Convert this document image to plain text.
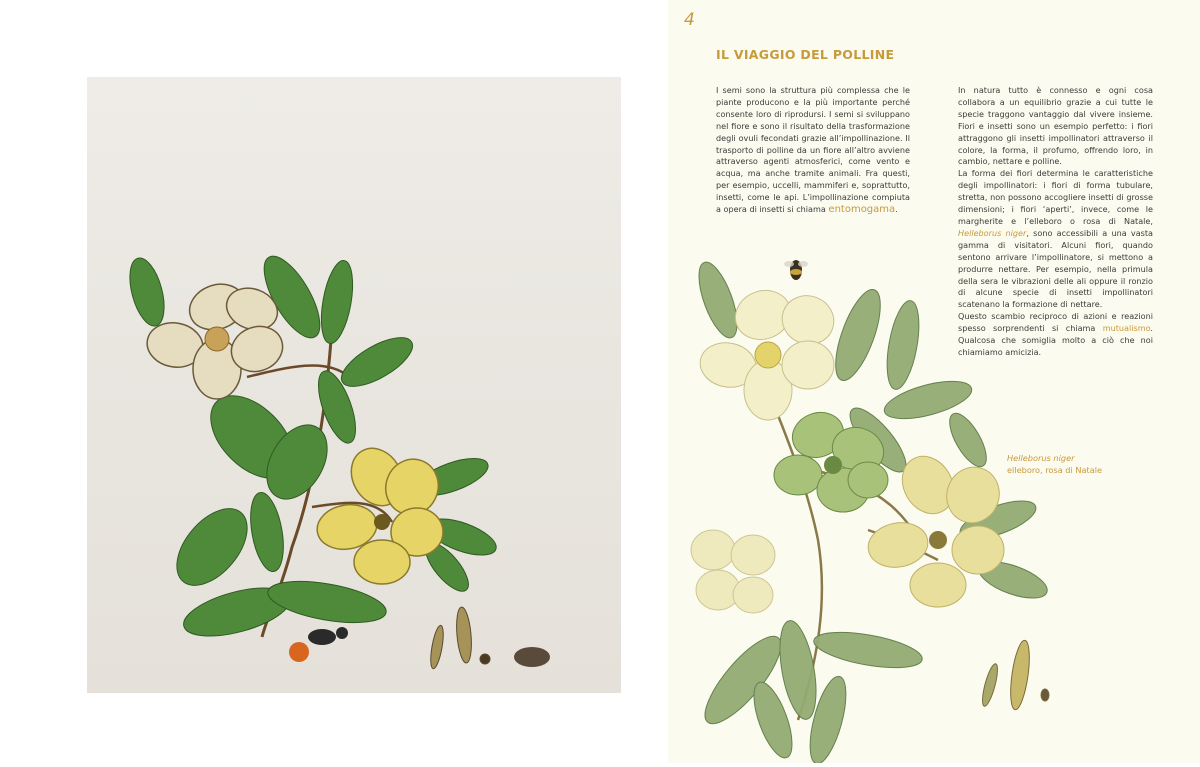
4
IL VIAGGIO DEL POLLINE

I semi sono la struttura più complessa che le piante producono e la più importante perché consente loro di riprodursi. I semi si sviluppano nel fiore e sono il risultato della trasformazione degli ovuli fecondati grazie all’impollinazione. Il trasporto di polline da un fiore all’altro avviene attraverso agenti atmosferici, come vento e acqua, ma anche tramite animali. Fra questi, per esempio, uccelli, mammiferi e, soprattutto, insetti, come le api. L’impollinazione compiuta a opera di insetti si chiama entomogama.

In natura tutto è connesso e ogni cosa collabora a un equilibrio grazie a cui tutte le specie traggono vantaggio dal vivere insieme. Fiori e insetti sono un esempio perfetto: i fiori attraggono gli insetti impollinatori attraverso il colore, la forma, il profumo, offrendo loro, in cambio, nettare e polline.

La forma dei fiori determina le caratteristiche degli impollinatori: i fiori di forma tubulare, stretta, non possono accogliere insetti di grosse dimensioni; i fiori ‘aperti’, invece, come le margherite e l’elleboro o rosa di Natale, Helleborus niger, sono accessibili a una vasta gamma di visitatori. Alcuni fiori, quando sentono arrivare l’impollinatore, si mettono a produrre nettare. Per esempio, nella primula della sera le vibrazioni delle ali oppure il ronzio di alcune specie di insetti impollinatori scatenano la formazione di nettare.

Questo scambio reciproco di azioni e reazioni spesso sorprendenti si chiama mutualismo. Qualcosa che somiglia molto a ciò che noi chiamiamo amicizia.

Helleborus niger
elleboro, rosa di Natale
